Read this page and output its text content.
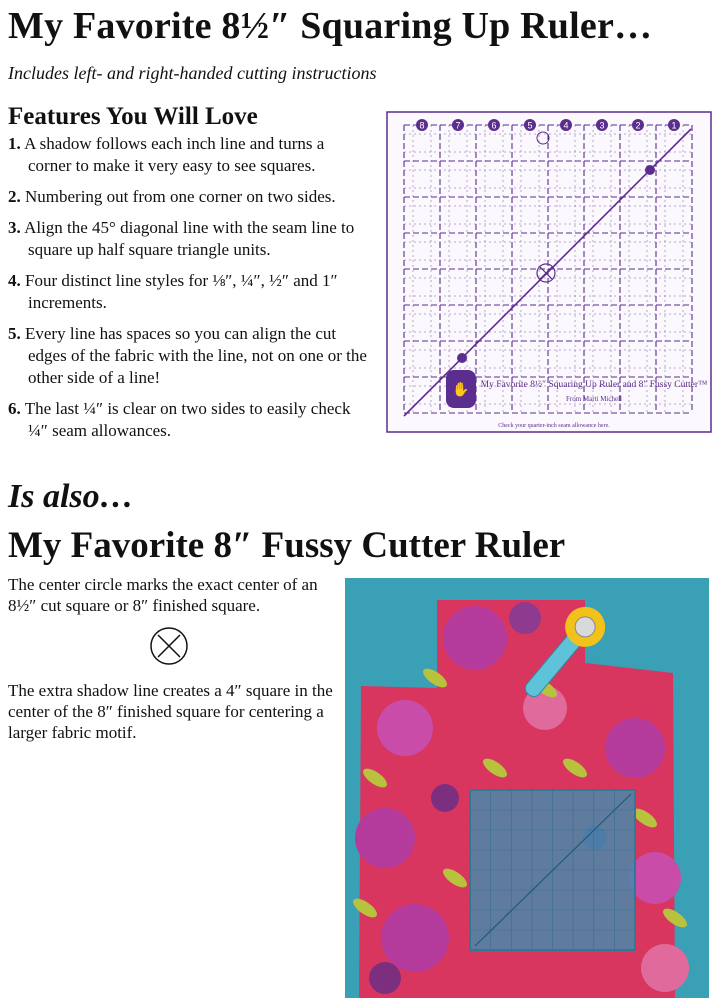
My Favorite 8½″ Squaring Up Ruler…
Includes left- and right-handed cutting instructions
Features You Will Love
1. A shadow follows each inch line and turns a corner to make it very easy to see squares.
2. Numbering out from one corner on two sides.
3. Align the 45° diagonal line with the seam line to square up half square triangle units.
4. Four distinct line styles for ⅛″, ¼″, ½″ and 1″ increments.
5. Every line has spaces so you can align the cut edges of the fabric with the line, not on one or the other side of a line!
6. The last ¼″ is clear on two sides to easily check ¼″ seam allowances.
8	7	6	5	4	3	2	1
✋ My Favorite 8½″ Squaring Up Ruler and 8″ Fussy Cutter™
From Marti Michell
Check your quarter-inch seam allowance here.
Is also…
My Favorite 8″ Fussy Cutter Ruler
The center circle marks the exact center of an 8½″ cut square or 8″ finished square.
The extra shadow line creates a 4″ square in the center of the 8″ finished square for centering a larger fabric motif.
